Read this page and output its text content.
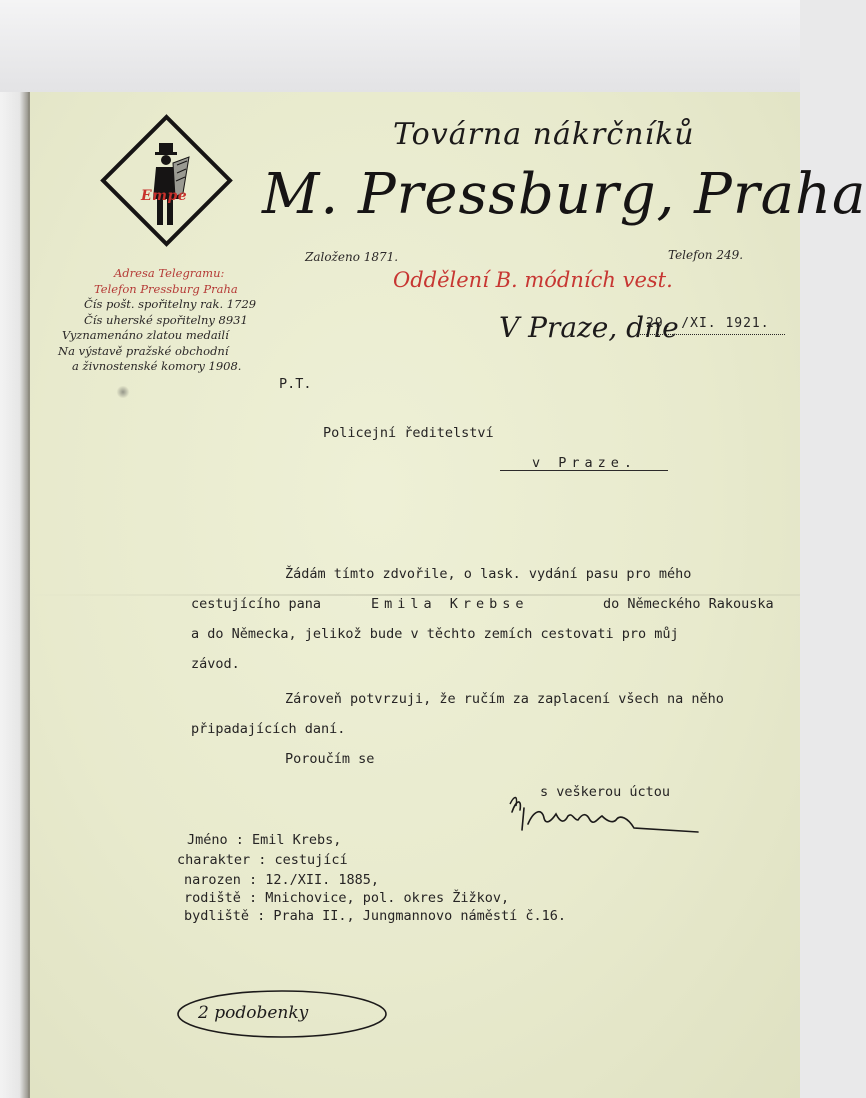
Empe
Továrna nákrčníků
M. Pressburg, Praha
Založeno 1871.	Telefon 249.
Oddělení B. módních vest.
V Praze, dne
29. /XI. 1921.
Adresa Telegramu:
Telefon Pressburg Praha
Čís pošt. spořitelny rak. 1729
Čís uherské spořitelny 8931
Vyznamenáno zlatou medailí
Na výstavě pražské obchodní
a živnostenské komory 1908.
P.T.
Policejní ředitelství
v Praze.
Žádám tímto zdvořile, o lask. vydání pasu pro mého
cestujícího pana	Emila Krebse	do Německého Rakouska
a do Německa, jelikož bude v těchto zemích cestovati pro můj
závod.
Zároveň potvrzuji, že ručím za zaplacení všech na něho
připadajících daní.
Poroučím se
s veškerou úctou
Jméno : Emil Krebs,
charakter : cestující
narozen : 12./XII. 1885,
rodiště : Mnichovice, pol. okres Žižkov,
bydliště : Praha II., Jungmannovo náměstí č.16.
2 podobenky
